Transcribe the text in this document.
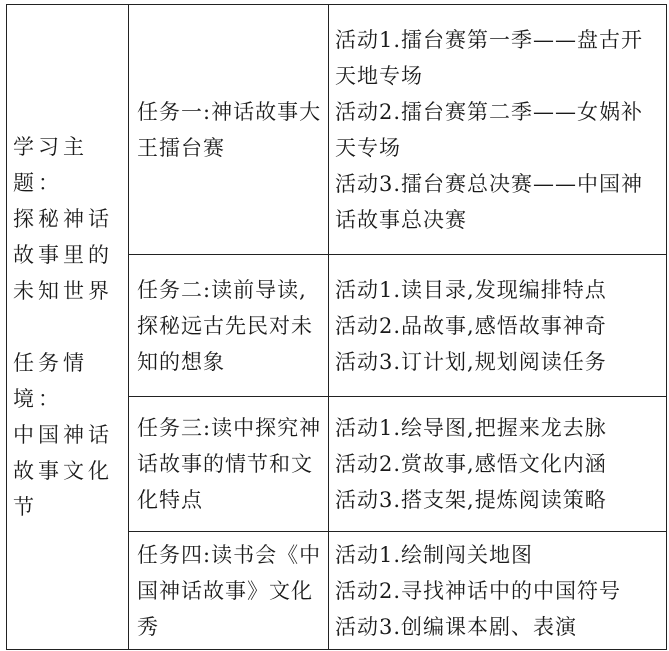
学习主题：
探秘神话故事里的未知世界
任务情境：
中国神话故事文化节	任务一:神话故事大王擂台赛	活动1.擂台赛第一季——盘古开天地专场
活动2.擂台赛第二季——女娲补天专场
活动3.擂台赛总决赛——中国神话故事总决赛

	任务二:读前导读,探秘远古先民对未知的想象	活动1.读目录,发现编排特点
活动2.品故事,感悟故事神奇
活动3.订计划,规划阅读任务

	任务三:读中探究神话故事的情节和文化特点	活动1.绘导图,把握来龙去脉
活动2.赏故事,感悟文化内涵
活动3.搭支架,提炼阅读策略

	任务四:读书会《中国神话故事》文化秀	活动1.绘制闯关地图
活动2.寻找神话中的中国符号
活动3.创编课本剧、表演
